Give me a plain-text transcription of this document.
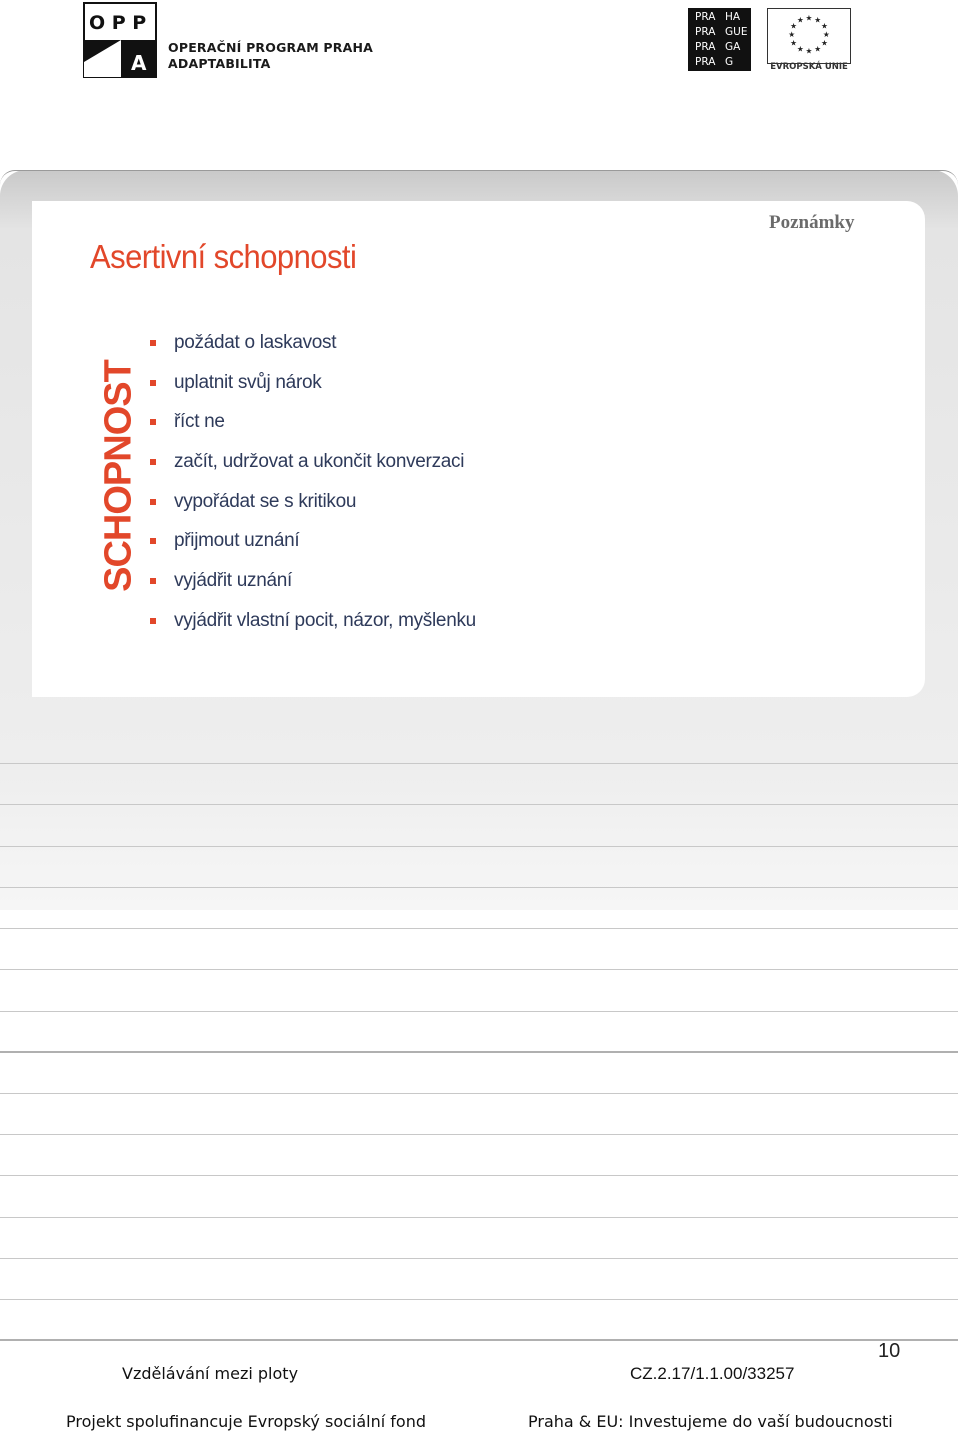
O P P
A
OPERAČNÍ PROGRAM PRAHA
ADAPTABILITA
PRA HA
PRA GUE
PRA GA
PRA G
★ ★
★
★
★
★
★
★
★
★
★
★
EVROPSKÁ UNIE
Asertivní schopnosti
SCHOPNOST
požádat o laskavost
uplatnit svůj nárok
říct ne
začít, udržovat a ukončit konverzaci
vypořádat se s kritikou
přijmout uznání
vyjádřit uznání
vyjádřit vlastní pocit, názor, myšlenku
Poznámky
10
Vzdělávání mezi ploty	CZ.2.17/1.1.00/33257
Projekt spolufinancuje Evropský sociální fond	Praha & EU: Investujeme do vaší budoucnosti
